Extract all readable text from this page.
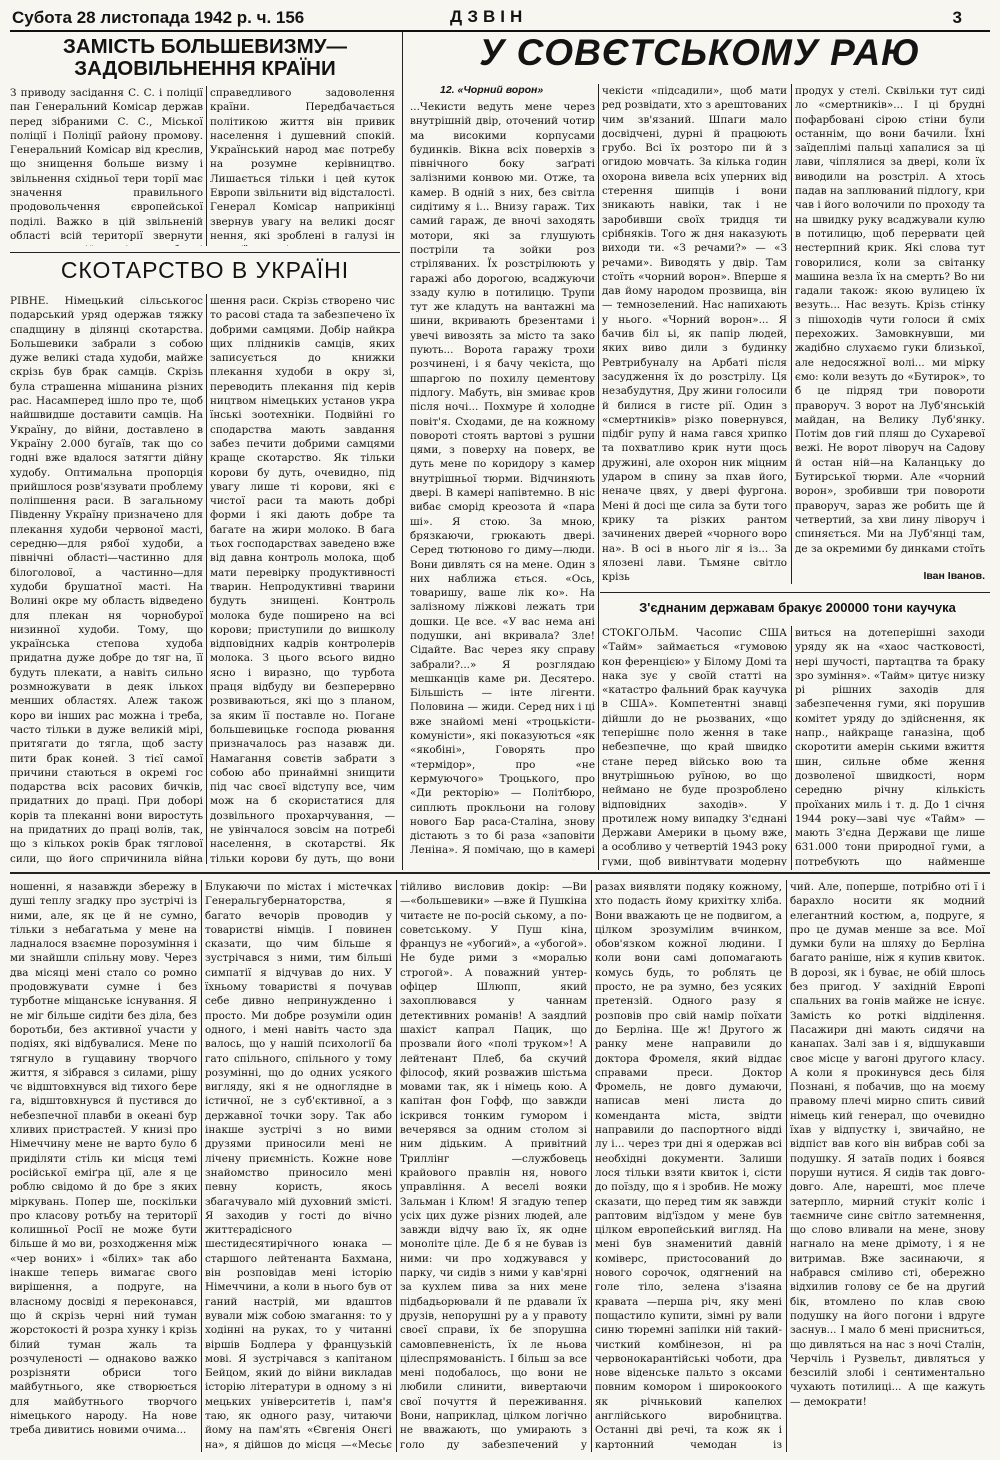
Субота 28 листопада 1942 р. ч. 156	ДЗВІН	3
ЗАМІСТЬ БОЛЬШЕВИЗМУ—
ЗАДОВІЛЬНЕННЯ КРАЇНИ
З приводу засідання С. С. і поліції пан Генеральний Комісар держав перед зібраними С. С., Міської поліції і Поліції району промову. Генеральний Комісар від креслив, що знищення больше визму і звільнення східньої тери торії має значення правильного продовольчення європейської поділі. Важко в цій звільненій області всій території звернути
справедливого задоволення країни. Передбачається політикою життя він привик населення і душевний спокій. Український народ має потребу на розумне керівництво. Лишається тільки і цей куток Европи звільнити від відсталості. Генерал Комісар наприкінці звернув увагу на великі досяг нення, які зроблені в галузі ін
СКОТАРСТВО В УКРАЇНІ
РІВНЕ. Німецький сільськогос подарський уряд одержав тяжку спадщину в ділянці скотарства. Большевики забрали з собою дуже великі стада худоби, майже скрізь був брак самців. Скрізь була страшенна мішанина різних рас. Насамперед ішло про те, щоб найшвидше доставити самців. На Україну, до війни, доставлено в Україну 2.000 бугаїв, так що со годні вже вдалося затягти дійну худобу. Оптимальна пропорція прийшлося розв'язувати проблему поліпшення раси. В загальному Південну Україну призначено для плекання худоби червоної масті, середню—для рябої худоби, а північні області—частинно для білоголової, а частинно—для худоби брушатної масті. На Волині окре му область відведено для плекан ня чорнобурої низинної худоби. Тому, що українська степова худоба придатна дуже добре до тяг на, її будуть плекати, а навіть сильно розмножувати в деяк ількох менших областях. Алеж також коро ви інших рас можна і треба, часто тільки в дуже великій мірі, притягати до тягла, щоб засту пити брак коней. З тієї самої причини стаються в окремі гос подарства всіх расових бичків, придатних до праці. При доборі корів та плеканні вони виростуть на придатних до праці волів, так, що з кількох років брак тяглової сили, що його спричинила війна
шення раси. Скрізь створено чис то расові стада та забезпечено їх добрими самцями. Добір найкра щих плідників самців, яких записується до книжки плекання худоби в окру зі, переводить плекання під керів ництвом німецьких установ укра їнські зоотехніки. Подвійні го сподарства мають завдання забез печити добрими самцями краще скотарство. Як тільки корови бу дуть, очевидно, під увагу лише ті корови, які є чистої раси та мають добрі форми і які дають добре та багате на жири молоко. В бага тьох господарствах заведено вже від давна контроль молока, щоб мати перевірку продуктивності тварин. Непродуктивні тварини будуть знищені. Контроль молока буде поширено на всі корови; приступили до вишколу відповідних кадрів контролерів молока. З цього всього видно ясно і виразно, що турбота праця відбуду ви безперервно розвиваються, які що з планом, за яким її поставле но. Погане большевицьке господа рювання призначалось раз назавж ди. Намагання совєтів забрати з собою або принаймні знищити під час своєї відступу все, чим мож на б скористатися для дозвільного прохарчування, — не увінчалося зовсім на потребі населення, в скотарстві. Як тільки корови бу дуть, що вони
У СОВЄТСЬКОМУ РАЮ
12. «Чорний ворон»
...Чекисти ведуть мене через внутрішній двір, оточений чотир ма високими корпусами будинків. Вікна всіх поверхів з північного боку заґраті залізними конвою ми. Отже, та камер. В одній з них, без світла сидітиму я і... Внизу гараж. Тих самий гараж, де вночі заходять мотори, які за глушують постріли та зойки роз стріляваних. Їх розстрілюють у гаражі або дорогою, всаджуючи ззаду кулю в потилицю. Трупи тут же кладуть на вантажні ма шини, вкривають брезентами і увечі вивозять за місто та зако пують... Ворота гаражу трохи розчинені, і я бачу чекіста, що шпаргою по похилу цементову підлогу. Мабуть, він змиває кров після ночі... Похмуре й холодне повіт'я. Сходами, де на кожному повороті стоять вартові з рушни цями, з поверху на поверх, ве дуть мене по коридору з камер внутрішньої тюрми. Відчиняють двері. В камері напівтемно. В ніс вибає сморід креозота й «пара ші». Я стою. За мною, брязкаючи, грюкають двері. Серед тютюново го диму—люди. Вони дивлять ся на мене. Один з них наближа ється. «Ось, товаришу, ваше лік ко». На залізному ліжкові лежать три дошки. Це все. «У вас нема ані подушки, ані вкривала? Зле! Сідайте. Вас через яку справу забрали?...» Я розглядаю мешканців каме ри. Десятеро. Більшість — інте лігенти. Половина — жиди. Серед них і ці вже знайомі мені «троцькісти-комуністи», які показуються «як «якобіні», Говорять про «термідор», про «не кермуючого» Троцького, про «Ди ректорію» — Політбюро, сиплють прокльони на голову нового Бар раса-Сталіна, знову дістають з то бі раза «заповіти Леніна». Я помічаю, що в камері
чекісти «підсадили», щоб мати ред розвідати, хто з арештованих чим зв'язаний. Шпаги мало досвідчені, дурні й працюють грубо. Всі їх розторо пи й з огидою мовчать. За кілька годин охорона вивела всіх уперних від стерення шипців і вони зникають навіки, так і не заробивши своїх тридця ти срібняків. Того ж дня наказують виходи ти. «З речами?» — «З речами». Виводять у двір. Там стоїть «чорний ворон». Вперше я дав йому народом прозвища, він — темнозелений. Нас напихають у нього. «Чорний ворон»... Я бачив біл ьі, як папір людей, яких виво дили з будинку Ревтрибуналу на Арбаті після засудження їх до розстрілу. Ця незабудутня, Дру жини голосили й билися в гисте рії. Один з «смертників» різко повернувся, підбіг рупу й нама гався хрипко та похватливо крик нути щось дружині, але охорон ник міцним ударом в спину за пхав його, неначе цвях, у двері фургона. Мені й досі ще сила за бути того крику та різких рантом зачинених дверей «чорного воро на». В осі в нього ліг я із... За ялозені лави. Тьмяне світло крізь
продух у стелі. Сквільки тут сиді ло «смертників»... І ці брудні пофарбовані сірою стіни були останнім, що вони бачили. Їхні заїдеплімі пальці хапалися за ці лави, чіплялися за двері, коли їх виводили на розстріл. А хтось падав на заплюваний підлогу, кри чав і його волочили по проходу та на швидку руку всаджували кулю в потилицю, щоб перервати цей нестерпний крик. Які слова тут говорилися, коли за світанку машина везла їх на смерть? Во ни гадали також: якою вулицею їх везуть... Нас везуть. Крізь стінку з пішоходів чути голоси й сміх перехожих. Замовкнувши, ми жадібно слухаємо гуки близької, але недосяжної волі... ми мірку ємо: коли везуть до «Бутирок», то б це підряд три повороти праворуч. З ворот на Луб'янській майдан, на Велику Луб'янку. Потім дов гий пляш до Сухаревої вежі. Не ворот ліворуч на Садову й остан ній—на Каланцьку до Бутирської тюрми. Але «чорний ворон», зробивши три повороти праворуч, зараз же робить ще й четвертий, за хви лину ліворуч і спиняється. Ми на Луб'янці там, де за окремими бу динками стоїть
Іван Іванов.
З'єднаним державам бракує 200000 тони каучука
СТОКГОЛЬМ. Часопис США «Тайм» займається «гумовою кон ференцією» у Білому Домі та нака зує у своїй статті на «катастро фальний брак каучука в США». Компетентні знавці дійшли до не рьозваних, «що теперішнє поло ження в таке небезпечне, що край швидко стане перед військо вою та внутрішньою руїною, во що неймано не буде прозроблено відповідних заходів». У протилеж ному випадку З'єднані Держави Америки в цьому вже, а особливо у четвертій 1943 року гуми, щоб вивінтувати модерну
виться на дотеперішні заходи уряду як на «хаос частковості, нері шучості, партацтва та браку зро зуміння». «Тайм» цитує низку рі рішних заходів для забезпечення гуми, які порушив комітет уряду до здійснення, як напр., найкраще ганазіна, щоб скоротити амерін ськими вжиття шин, сильне обме ження дозволеної швидкості, норм середню річну кількість проїханих миль і т. д. До 1 січня 1944 року—заві чує «Тайм» — мають З'єдна Держави ще лише 631.000 тони природної гуми, а потребують що найменше
ношенні, я назавжди збережу в душі теплу згадку про зустрічі із ними, але, як це й не сумно, тільки з небагатьма у мене на ладналося взаємне порозуміння і ми знайшли спільну мову. Через два місяці мені стало со ромно продовжувати сумне і без турботне міщанське існування. Я не міг більше сидіти без діла, без боротьби, без активної участи у подіях, які відбувалися. Мене по тягнуло в гущавину творчого життя, я зібрався з силами, рішу чє відштовхнувся від тихого бере га, відштовхнувся й пустився до небезпечної плавби в океані бур хливих пристрастей. У книзі про Німеччину мене не варто було б приділяти стіль ки місця темі російської еміґра ції, але я це роблю свідомо й до бре з яких міркувань. Попер ше, поскільки про класову ротьбу на території колишньої Росії не може бути більше й мо ви, розходження між «чер воних» і «білих» так або інакше теперь вимагає свого вирішення, а подруге, на власному досвіді я переконався, що й скрізь черні ний туман жорстокості й розра хунку і крізь білий туман жаль та розчуленості — однаково важко розрізняти обриси того майбутнього, яке створюється для майбутнього творчого німецького народу. На нове треба дивитись новими очима...
Блукаючи по містах і містечках Генеральгубернаторства, я багато вечорів проводив у товаристві німців. І повинен сказати, що чим більше я зустрічався з ними, тим більші симпатії я відчував до них. У їхньому товаристві я почував себе дивно непринужденно і просто. Ми добре розуміли один одного, і мені навіть часто зда валось, що у нашій психології ба гато спільного, спільного у тому розумінні, що до одних усякого вигляду, які я не одноглядне в істичної, не з суб'єктивної, а з державної точки зору. Так або інакше зустрічі з но вими друзями приносили мені не лічену приємність. Кожне нове знайомство приносило мені певну користь, якось збагачувало мій духовний змісті. Я заходив у гості до вічно життєрадісного шестидесятирічного юнака — старшого лейтенанта Бахмана, він розповідав мені історію Німеччини, а коли в нього був от ганий настрій, ми вдаштов вували між собою змагання: то у ходінні на руках, то у читанні віршів Бодлера у французькій мові. Я зустрічався з капітаном Бейцом, який до війни викладав історію літератури в одному з ні мецьких університетів і, пам'я таю, як одного разу, читаючи йому на пам'ять «Євгенія Онєгі на», я дійшов до місця —«Месьє
тійливо висловив докір: —Ви —«большевики» —вже й Пушкіна читаєте не по-росій ському, а по-советському. У Пуш кіна, француз не «убогий», а «убогой». Не буде рими з «моралью строгой». А поважний унтер-офіцер Шлюпп, який захоплювався у чаннам детективних романів! А заядлий шахіст капрал Пацик, що прозвали його «полі труком»! А лейтенант Плеб, ба скучий філософ, який розважив шістьма мовами так, як і німець кою. А капітан фон Гофф, що завжди іскрився тонким гумором і вечерявся за одним столом зі ним дідьким. А привітний Триллінг —службовець крайового правлін ня, нового управління. А веселі вояки Зальман і Клюм! Я згадую тепер усіх цих дуже різних людей, але завжди відчу ваю їх, як одне моноліте ціле. Де б я не бував із ними: чи про ходжувався у парку, чи сидів з ними у кав'ярні за кухлем пива за них мене підбадьорювали й пе рдавали їх друзів, непорушні ру а у правоту своєї справи, їх бе зпорушна самовпевненість, їх ле ньова цілеспрямованість. І більш за все мені подобалось, що вони не любили слинити, вивертаючи свої почуття й переживання. Вони, наприклад, цілком логічно не вважають, що умирають з голо ду забезпечений у
разах виявляти подяку кожному, хто подасть йому крихітку хліба. Вони вважають це не подвигом, а цілком зрозумілим вчинком, обов'язком кожної людини. І коли вони самі допомагають комусь будь, то роблять це просто, не ра зумно, без усяких претензій. Одного разу я розповів про свій намір поїхати до Берліна. Ще ж! Другого ж ранку мене направили до доктора Фромеля, який віддає справами преси. Доктор Фромель, не довго думаючи, написав мені листа до коменданта міста, звідти направили до паспортного відді лу і... через три дні я одержав всі необхідні документи. Залиши лося тільки взяти квиток і, сісти до поїзду, що я і зробив. Не можу сказати, що перед тим як завжди раптовим від'їздом у мене був цілком европейський вигляд. На мені був знаменитий давній коміверс, пристосований до нового сорочок, одягнений на голе тіло, зелена з'ізаяна кравата —перша річ, яку мені пощастило купити, зімні ру вали синю тюремні запілки ній такий-чисткий комбінезон, ні ра червонокарантійські чоботи, дра нове віденське пальто з оксами повним комором і широкоокого як річньковий капелюх англійського виробництва. Останні дві речі, та кож як і картонний чемодан із
чий. Але, поперше, потрібно оті ї і барахло носити як модний елегантний костюм, а, подруге, я про це думав менше за все. Мої думки були на шляху до Берліна багато раніше, ніж я купив квиток. В дорозі, як і буває, не обій шлось без пригод. У західній Европі спальних ва гонів майже не існує. Замість ко роткі відділення. Пасажири дні мають сидячи на канапах. Залі зав і я, відшукавши своє місце у вагоні другого класу. А коли я прокинувся десь біля Познані, я побачив, що на моєму правому плечі мирно спить сивий німець кий генерал, що очевидно їхав у відпустку і, звичайно, не відпіст вав кого він вибрав собі за подушку. Я затаїв подих і боявся поруши нутися. Я сидів так довго-довго. Але, нарешті, моє плече затерпло, мирний стукіт коліс і таємниче синє світло затемнення, що слово вливали на мене, знову нагнало на мене дрімоту, і я не витримав. Вже засинаючи, я набрався сміливо сті, обережно відхилив голову се бе на другий бік, втомлено по клав свою подушку на його погони і вдруге заснув... І мало б мені присниться, що дивляться на нас з ночі Сталін, Черчіль і Рузвельт, дивляться у безсилій злобі і сентиментально чухають потилиці... А ще кажуть — демократи!
